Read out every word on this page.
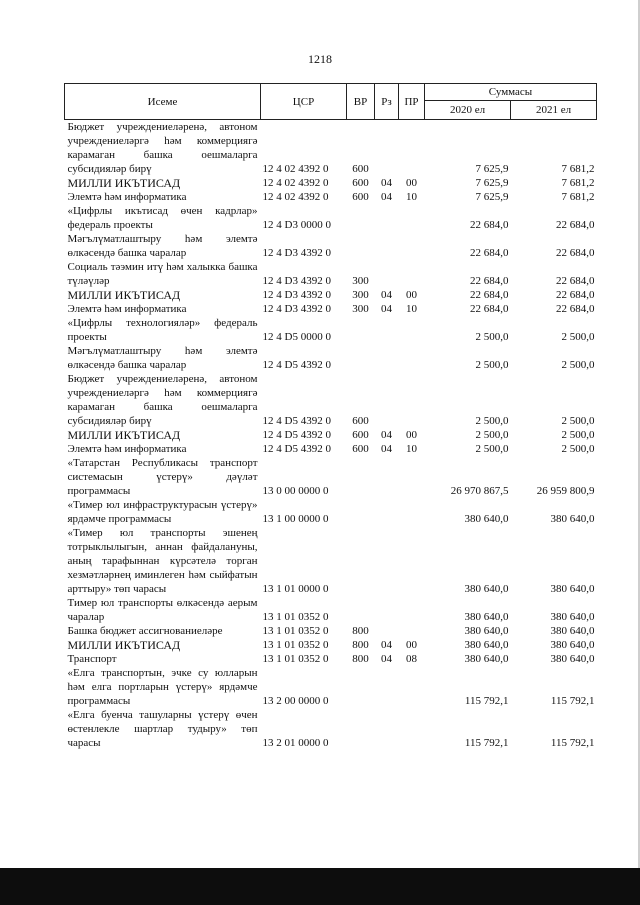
1218
Исеме	ЦСР	ВР	Рз	ПР	Суммасы	
					2020 ел	2021 ел
Бюджет учреждениеләренә, автоном учреждениеләргә һәм коммерциягә карамаган башка оешмаларга субсидияләр бирү	12 4 02 4392 0	600			7 625,9	7 681,2
МИЛЛИ ИКЪТИСАД	12 4 02 4392 0	600	04	00	7 625,9	7 681,2
Элемтә һәм информатика	12 4 02 4392 0	600	04	10	7 625,9	7 681,2
«Цифрлы икътисад өчен кадрлар» федераль проекты	12 4 D3 0000 0				22 684,0	22 684,0
Мәгълүматлаштыру һәм элемтә өлкәсендә башка чаралар	12 4 D3 4392 0				22 684,0	22 684,0
Социаль тәэмин итү һәм халыкка башка түләүләр	12 4 D3 4392 0	300			22 684,0	22 684,0
МИЛЛИ ИКЪТИСАД	12 4 D3 4392 0	300	04	00	22 684,0	22 684,0
Элемтә һәм информатика	12 4 D3 4392 0	300	04	10	22 684,0	22 684,0
«Цифрлы технологияләр» федераль проекты	12 4 D5 0000 0				2 500,0	2 500,0
Мәгълүматлаштыру һәм элемтә өлкәсендә башка чаралар	12 4 D5 4392 0				2 500,0	2 500,0
Бюджет учреждениеләренә, автоном учреждениеләргә һәм коммерциягә карамаган башка оешмаларга субсидияләр бирү	12 4 D5 4392 0	600			2 500,0	2 500,0
МИЛЛИ ИКЪТИСАД	12 4 D5 4392 0	600	04	00	2 500,0	2 500,0
Элемтә һәм информатика	12 4 D5 4392 0	600	04	10	2 500,0	2 500,0
«Татарстан Республикасы транспорт системасын үстерү» дәүләт программасы	13 0 00 0000 0				26 970 867,5	26 959 800,9
«Тимер юл инфраструктурасын үстерү» ярдәмче программасы	13 1 00 0000 0				380 640,0	380 640,0
«Тимер юл транспорты эшенең тотрыклылыгын, аннан файдалануны, аның тарафыннан күрсәтелә торган хезмәтләрнең иминлеген һәм сыйфатын арттыру» төп чарасы	13 1 01 0000 0				380 640,0	380 640,0
Тимер юл транспорты өлкәсендә аерым чаралар	13 1 01 0352 0				380 640,0	380 640,0
Башка бюджет ассигнованиеләре	13 1 01 0352 0	800			380 640,0	380 640,0
МИЛЛИ ИКЪТИСАД	13 1 01 0352 0	800	04	00	380 640,0	380 640,0
Транспорт	13 1 01 0352 0	800	04	08	380 640,0	380 640,0
«Елга транспортын, эчке су юлларын һәм елга портларын үстерү» ярдәмче программасы	13 2 00 0000 0				115 792,1	115 792,1
«Елга буенча ташуларны үстерү өчен өстенлекле шартлар тудыру» төп чарасы	13 2 01 0000 0				115 792,1	115 792,1
